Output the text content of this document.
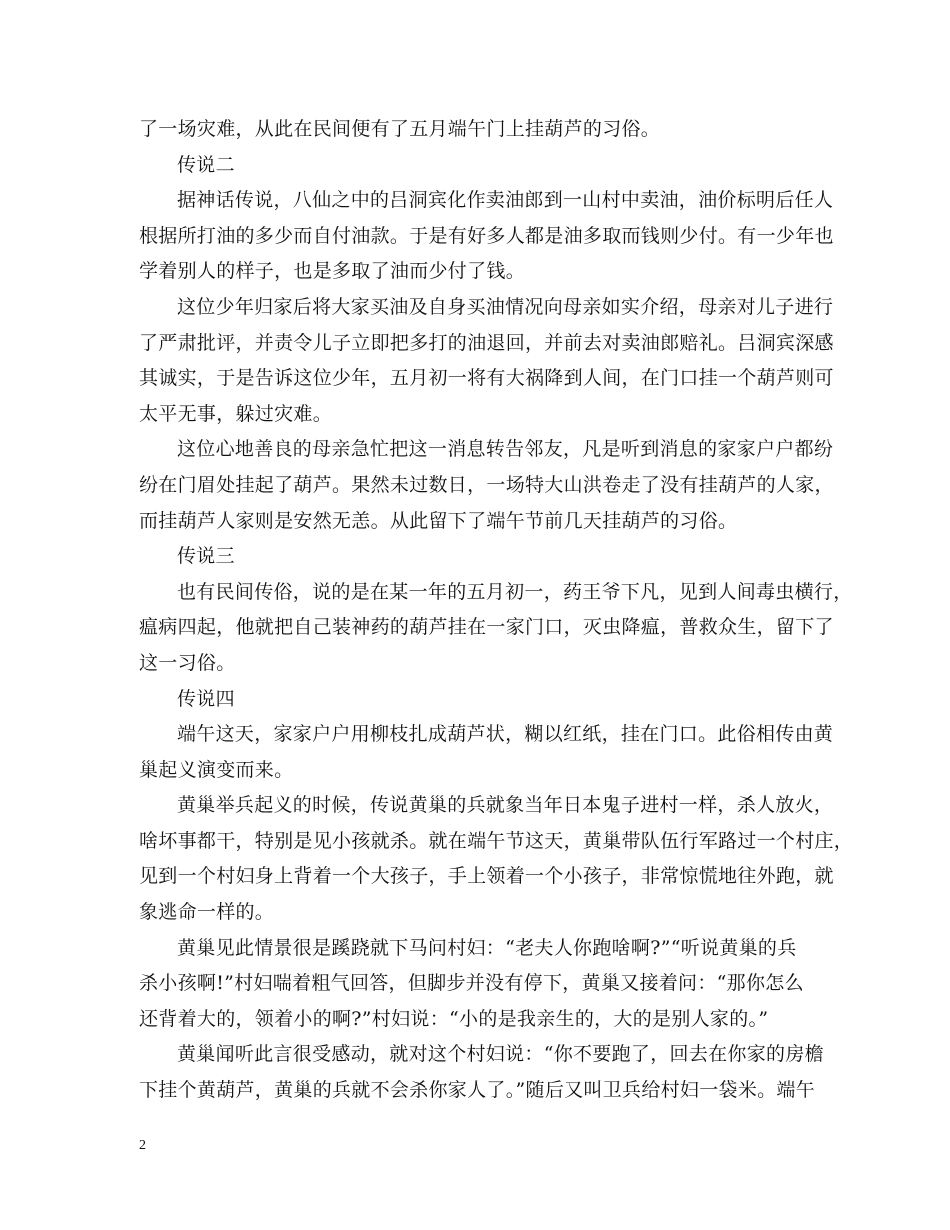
了一场灾难，从此在民间便有了五月端午门上挂葫芦的习俗。
传说二
据神话传说，八仙之中的吕洞宾化作卖油郎到一山村中卖油，油价标明后任人
根据所打油的多少而自付油款。于是有好多人都是油多取而钱则少付。有一少年也
学着别人的样子，也是多取了油而少付了钱。
这位少年归家后将大家买油及自身买油情况向母亲如实介绍，母亲对儿子进行
了严肃批评，并责令儿子立即把多打的油退回，并前去对卖油郎赔礼。吕洞宾深感
其诚实，于是告诉这位少年，五月初一将有大祸降到人间，在门口挂一个葫芦则可
太平无事，躲过灾难。
这位心地善良的母亲急忙把这一消息转告邻友，凡是听到消息的家家户户都纷
纷在门眉处挂起了葫芦。果然未过数日，一场特大山洪卷走了没有挂葫芦的人家，
而挂葫芦人家则是安然无恙。从此留下了端午节前几天挂葫芦的习俗。
传说三
也有民间传俗，说的是在某一年的五月初一，药王爷下凡，见到人间毒虫横行，
瘟病四起，他就把自己装神药的葫芦挂在一家门口，灭虫降瘟，普救众生，留下了
这一习俗。
传说四
端午这天，家家户户用柳枝扎成葫芦状，糊以红纸，挂在门口。此俗相传由黄
巢起义演变而来。
黄巢举兵起义的时候，传说黄巢的兵就象当年日本鬼子进村一样，杀人放火，
啥坏事都干，特别是见小孩就杀。就在端午节这天，黄巢带队伍行军路过一个村庄，
见到一个村妇身上背着一个大孩子，手上领着一个小孩子，非常惊慌地往外跑，就
象逃命一样的。
黄巢见此情景很是蹊跷就下马问村妇：“老夫人你跑啥啊?”“听说黄巢的兵
杀小孩啊!”村妇喘着粗气回答，但脚步并没有停下，黄巢又接着问：“那你怎么
还背着大的，领着小的啊?”村妇说：“小的是我亲生的，大的是别人家的。”
黄巢闻听此言很受感动，就对这个村妇说：“你不要跑了，回去在你家的房檐
下挂个黄葫芦，黄巢的兵就不会杀你家人了。”随后又叫卫兵给村妇一袋米。端午
2
